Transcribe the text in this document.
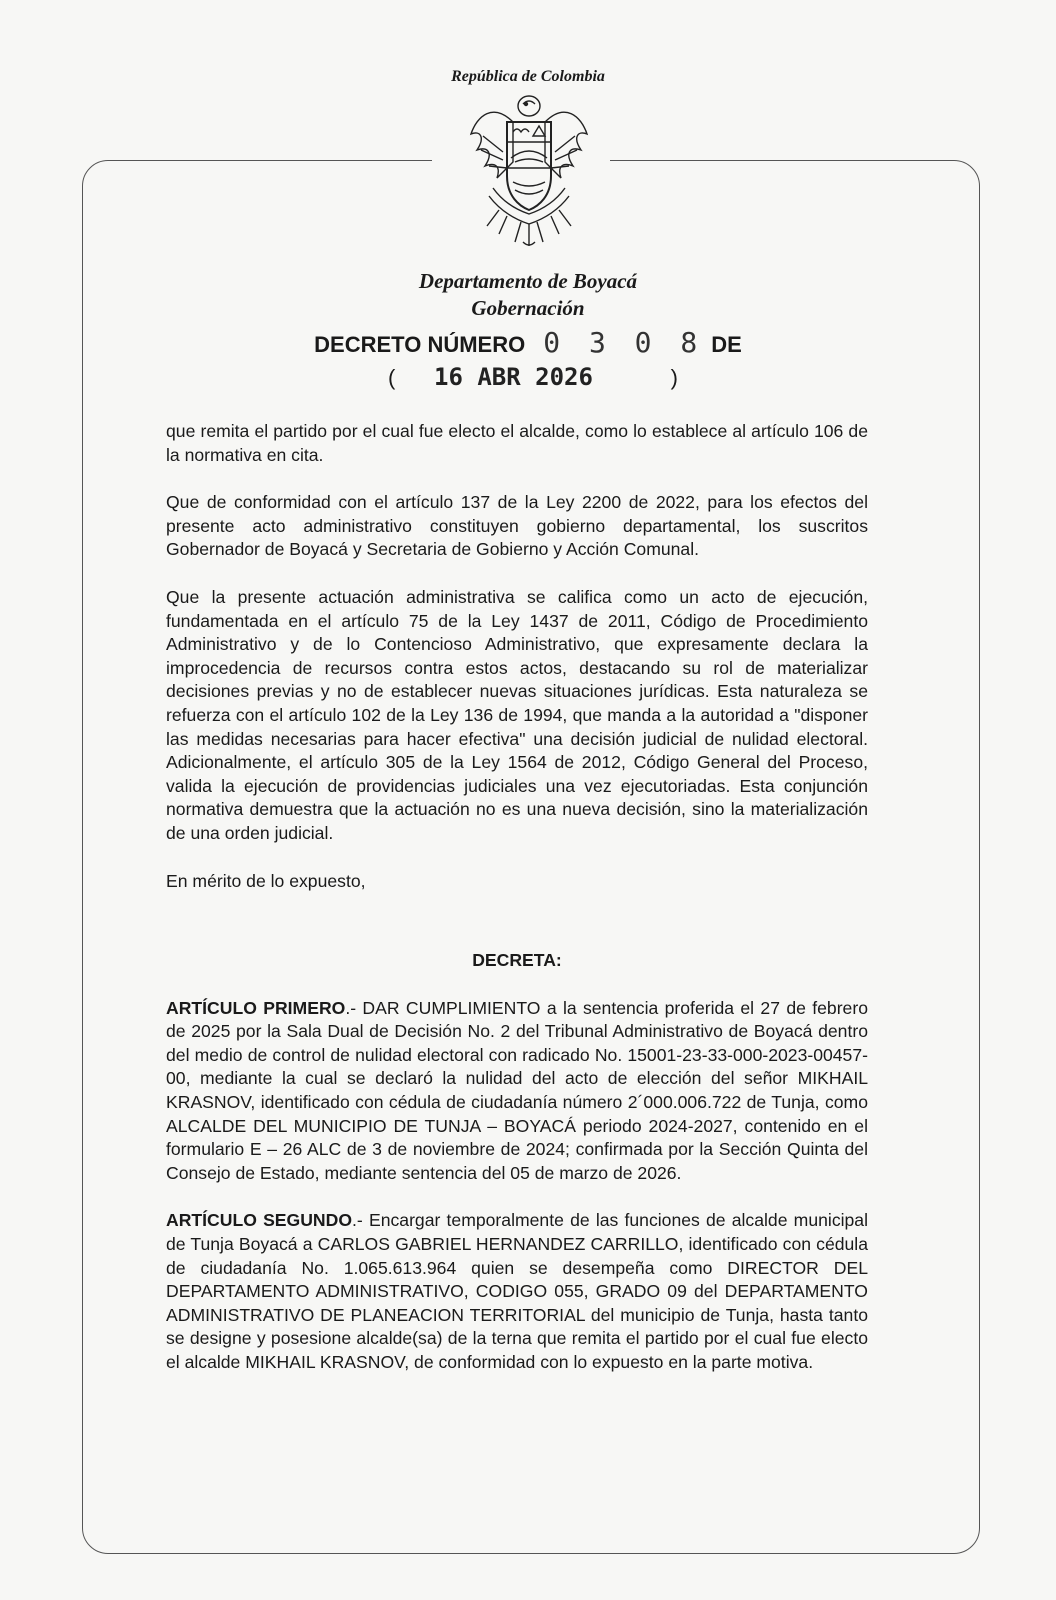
República de Colombia
Departamento de Boyacá
Gobernación
DECRETO NÚMERO 0 3 0 8 DE
( 16 ABR 2026	)

que remita el partido por el cual fue electo el alcalde, como lo establece al artículo 106 de la normativa en cita.

Que de conformidad con el artículo 137 de la Ley 2200 de 2022, para los efectos del presente acto administrativo constituyen gobierno departamental, los suscritos Gobernador de Boyacá y Secretaria de Gobierno y Acción Comunal.

Que la presente actuación administrativa se califica como un acto de ejecución, fundamentada en el artículo 75 de la Ley 1437 de 2011, Código de Procedimiento Administrativo y de lo Contencioso Administrativo, que expresamente declara la improcedencia de recursos contra estos actos, destacando su rol de materializar decisiones previas y no de establecer nuevas situaciones jurídicas. Esta naturaleza se refuerza con el artículo 102 de la Ley 136 de 1994, que manda a la autoridad a "disponer las medidas necesarias para hacer efectiva" una decisión judicial de nulidad electoral. Adicionalmente, el artículo 305 de la Ley 1564 de 2012, Código General del Proceso, valida la ejecución de providencias judiciales una vez ejecutoriadas. Esta conjunción normativa demuestra que la actuación no es una nueva decisión, sino la materialización de una orden judicial.

En mérito de lo expuesto,

DECRETA:

ARTÍCULO PRIMERO.- DAR CUMPLIMIENTO a la sentencia proferida el 27 de febrero de 2025 por la Sala Dual de Decisión No. 2 del Tribunal Administrativo de Boyacá dentro del medio de control de nulidad electoral con radicado No. 15001-23-33-000-2023-00457-00, mediante la cual se declaró la nulidad del acto de elección del señor MIKHAIL KRASNOV, identificado con cédula de ciudadanía número 2´000.006.722 de Tunja, como ALCALDE DEL MUNICIPIO DE TUNJA – BOYACÁ periodo 2024-2027, contenido en el formulario E – 26 ALC de 3 de noviembre de 2024; confirmada por la Sección Quinta del Consejo de Estado, mediante sentencia del 05 de marzo de 2026.

ARTÍCULO SEGUNDO.- Encargar temporalmente de las funciones de alcalde municipal de Tunja Boyacá a CARLOS GABRIEL HERNANDEZ CARRILLO, identificado con cédula de ciudadanía No. 1.065.613.964 quien se desempeña como DIRECTOR DEL DEPARTAMENTO ADMINISTRATIVO, CODIGO 055, GRADO 09 del DEPARTAMENTO ADMINISTRATIVO DE PLANEACION TERRITORIAL del municipio de Tunja, hasta tanto se designe y posesione alcalde(sa) de la terna que remita el partido por el cual fue electo el alcalde MIKHAIL KRASNOV, de conformidad con lo expuesto en la parte motiva.
